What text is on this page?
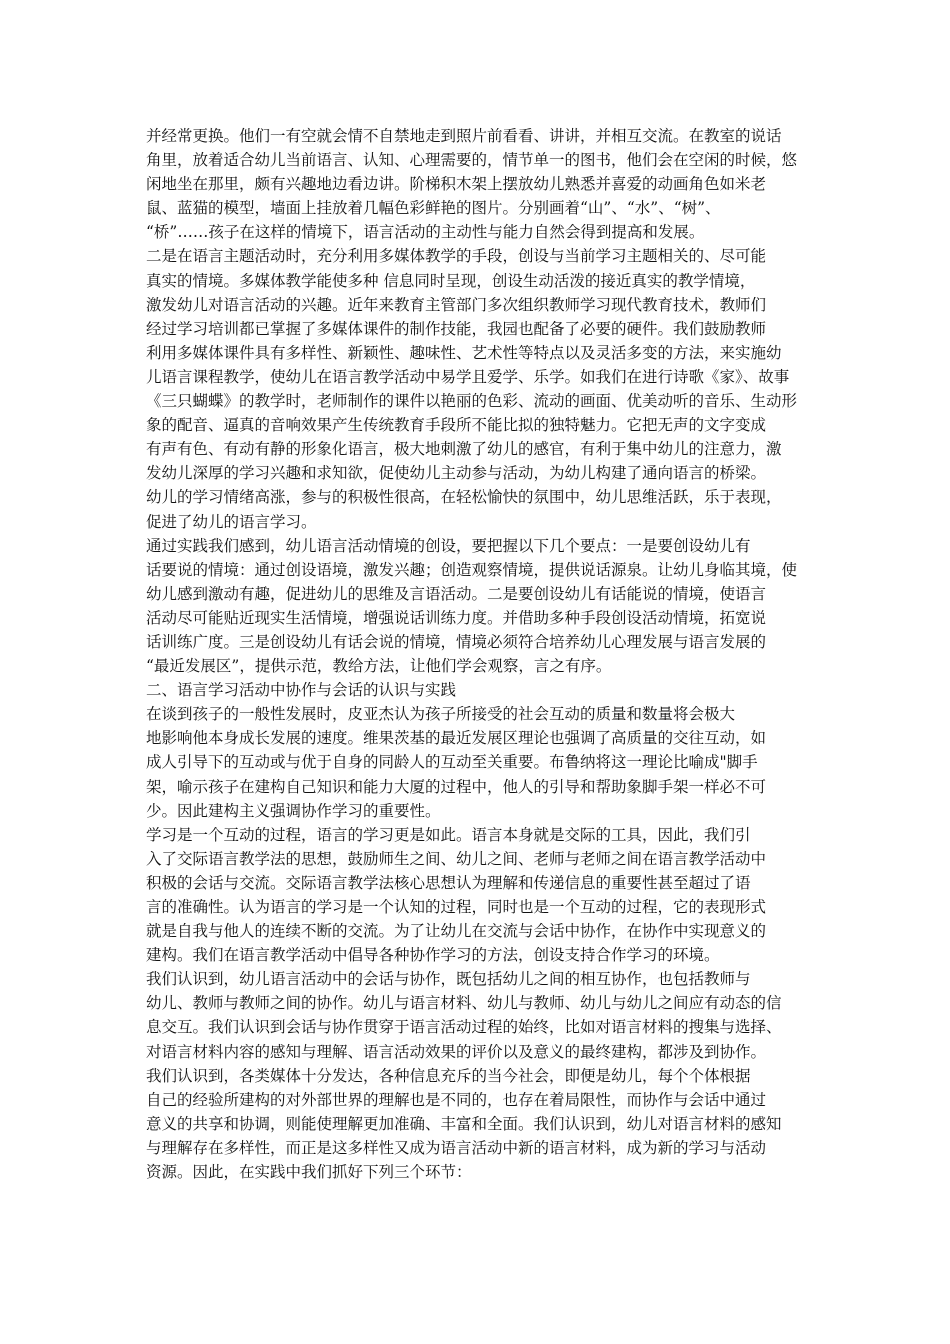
并经常更换。他们一有空就会情不自禁地走到照片前看看、讲讲，并相互交流。在教室的说话
角里，放着适合幼儿当前语言、认知、心理需要的，情节单一的图书，他们会在空闲的时候，悠
闲地坐在那里，颇有兴趣地边看边讲。阶梯积木架上摆放幼儿熟悉并喜爱的动画角色如米老
鼠、蓝猫的模型，墙面上挂放着几幅色彩鲜艳的图片。分别画着“山”、“水”、“树”、
“桥”……孩子在这样的情境下，语言活动的主动性与能力自然会得到提高和发展。
二是在语言主题活动时，充分利用多媒体教学的手段，创设与当前学习主题相关的、尽可能
真实的情境。多媒体教学能使多种 信息同时呈现，创设生动活泼的接近真实的教学情境，
激发幼儿对语言活动的兴趣。近年来教育主管部门多次组织教师学习现代教育技术，教师们
经过学习培训都已掌握了多媒体课件的制作技能，我园也配备了必要的硬件。我们鼓励教师
利用多媒体课件具有多样性、新颖性、趣味性、艺术性等特点以及灵活多变的方法，来实施幼
儿语言课程教学，使幼儿在语言教学活动中易学且爱学、乐学。如我们在进行诗歌《家》、故事
《三只蝴蝶》的教学时，老师制作的课件以艳丽的色彩、流动的画面、优美动听的音乐、生动形
象的配音、逼真的音响效果产生传统教育手段所不能比拟的独特魅力。它把无声的文字变成
有声有色、有动有静的形象化语言，极大地刺激了幼儿的感官，有利于集中幼儿的注意力，激
发幼儿深厚的学习兴趣和求知欲，促使幼儿主动参与活动，为幼儿构建了通向语言的桥梁。
幼儿的学习情绪高涨，参与的积极性很高，在轻松愉快的氛围中，幼儿思维活跃，乐于表现，
促进了幼儿的语言学习。
通过实践我们感到，幼儿语言活动情境的创设，要把握以下几个要点：一是要创设幼儿有
话要说的情境：通过创设语境，激发兴趣；创造观察情境，提供说话源泉。让幼儿身临其境，使
幼儿感到激动有趣，促进幼儿的思维及言语活动。二是要创设幼儿有话能说的情境，使语言
活动尽可能贴近现实生活情境，增强说话训练力度。并借助多种手段创设活动情境，拓宽说
话训练广度。三是创设幼儿有话会说的情境，情境必须符合培养幼儿心理发展与语言发展的
“最近发展区”，提供示范，教给方法，让他们学会观察，言之有序。
二、语言学习活动中协作与会话的认识与实践
在谈到孩子的一般性发展时，皮亚杰认为孩子所接受的社会互动的质量和数量将会极大
地影响他本身成长发展的速度。维果茨基的最近发展区理论也强调了高质量的交往互动，如
成人引导下的互动或与优于自身的同龄人的互动至关重要。布鲁纳将这一理论比喻成"脚手
架，喻示孩子在建构自己知识和能力大厦的过程中，他人的引导和帮助象脚手架一样必不可
少。因此建构主义强调协作学习的重要性。
学习是一个互动的过程，语言的学习更是如此。语言本身就是交际的工具，因此，我们引
入了交际语言教学法的思想，鼓励师生之间、幼儿之间、老师与老师之间在语言教学活动中
积极的会话与交流。交际语言教学法核心思想认为理解和传递信息的重要性甚至超过了语
言的准确性。认为语言的学习是一个认知的过程，同时也是一个互动的过程，它的表现形式
就是自我与他人的连续不断的交流。为了让幼儿在交流与会话中协作，在协作中实现意义的
建构。我们在语言教学活动中倡导各种协作学习的方法，创设支持合作学习的环境。
我们认识到，幼儿语言活动中的会话与协作，既包括幼儿之间的相互协作，也包括教师与
幼儿、教师与教师之间的协作。幼儿与语言材料、幼儿与教师、幼儿与幼儿之间应有动态的信
息交互。我们认识到会话与协作贯穿于语言活动过程的始终，比如对语言材料的搜集与选择、
对语言材料内容的感知与理解、语言活动效果的评价以及意义的最终建构，都涉及到协作。
我们认识到，各类媒体十分发达，各种信息充斥的当今社会，即便是幼儿，每个个体根据
自己的经验所建构的对外部世界的理解也是不同的，也存在着局限性，而协作与会话中通过
意义的共享和协调，则能使理解更加准确、丰富和全面。我们认识到，幼儿对语言材料的感知
与理解存在多样性，而正是这多样性又成为语言活动中新的语言材料，成为新的学习与活动
资源。因此，在实践中我们抓好下列三个环节：
